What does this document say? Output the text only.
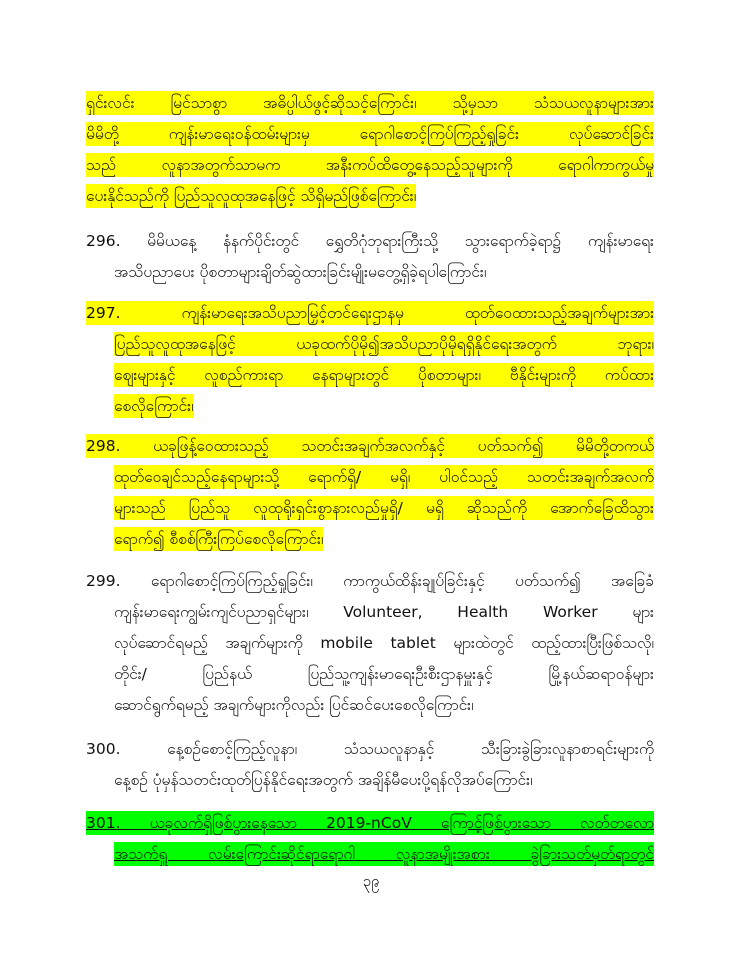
ရှင်းလင်း မြင်သာစွာ အဓိပ္ပါယ်ဖွင့်ဆိုသင့်ကြောင်း၊ သို့မှသာ သံသယလူနာများအား
မိမိတို့ ကျန်းမာရေးဝန်ထမ်းများမှ ရောဂါစောင့်ကြပ်ကြည့်ရှုခြင်း လုပ်ဆောင်ခြင်း
သည် လူနာအတွက်သာမက အနီးကပ်ထိတွေ့နေသည့်သူများကို ရောဂါကာကွယ်မှု
ပေးနိုင်သည်ကို ပြည်သူလူထုအနေဖြင့် သိရှိမည်ဖြစ်ကြောင်း၊
296. မိမိယနေ့ နံနက်ပိုင်းတွင် ရွှေတိဂုံဘုရားကြီးသို့ သွားရောက်ခဲ့ရာ၌ ကျန်းမာရေး
အသိပညာပေး ပိုစတာများချိတ်ဆွဲထားခြင်းမျိုးမတွေ့ရှိခဲ့ရပါကြောင်း၊
297. ကျန်းမာရေးအသိပညာမြှင့်တင်ရေးဌာနမှ ထုတ်ဝေထားသည့်အချက်များအား
ပြည်သူလူထုအနေဖြင့် ယခုထက်ပိုမို၍အသိပညာပိုမိုရရှိနိုင်ရေးအတွက် ဘုရား၊
ဈေးများနှင့် လူစည်ကားရာ နေရာများတွင် ပိုစတာများ၊ ဗီနိုင်းများကို ကပ်ထား
စေလိုကြောင်း၊
298. ယခုဖြန့်ဝေထားသည့် သတင်းအချက်အလက်နှင့် ပတ်သက်၍ မိမိတို့တကယ်
ထုတ်ဝေချင်သည့်နေရာများသို့ ရောက်ရှိ/ မရှိ၊ ပါဝင်သည့် သတင်းအချက်အလက်
များသည် ပြည်သူ လူထုရိုးရှင်းစွာနားလည်မှုရှိ/ မရှိ ဆိုသည်ကို အောက်ခြေထိသွား
ရောက်၍ စီစစ်ကြီးကြပ်စေလိုကြောင်း၊
299. ရောဂါစောင့်ကြပ်ကြည့်ရှုခြင်း၊ ကာကွယ်ထိန်းချုပ်ခြင်းနှင့် ပတ်သက်၍ အခြေခံ
ကျန်းမာရေးကျွမ်းကျင်ပညာရှင်များ၊ Volunteer, Health Worker များ
လုပ်ဆောင်ရမည့် အချက်များကို mobile tablet များထဲတွင် ထည့်ထားပြီးဖြစ်သလို၊
တိုင်း/ ပြည်နယ် ပြည်သူ့ကျန်းမာရေးဦးစီးဌာနမှူးနှင့် မြို့နယ်ဆရာဝန်များ
ဆောင်ရွက်ရမည့် အချက်များကိုလည်း ပြင်ဆင်ပေးစေလိုကြောင်း၊
300. နေ့စဉ်စောင့်ကြည့်လူနာ၊ သံသယလူနာနှင့် သီးခြားခွဲခြားလူနာစာရင်းများကို
နေ့စဉ် ပုံမှန်သတင်းထုတ်ပြန်နိုင်ရေးအတွက် အချိန်မီပေးပို့ရန်လိုအပ်ကြောင်း၊
301. ယခုလက်ရှိဖြစ်ပွားနေသော 2019-nCoV ကြောင့်ဖြစ်ပွားသော လတ်တလော
အသက်ရှူ လမ်းကြောင်းဆိုင်ရာရောဂါ လူနာအမျိုးအစား ခွဲခြားသတ်မှတ်ရာတွင်
၃၉
